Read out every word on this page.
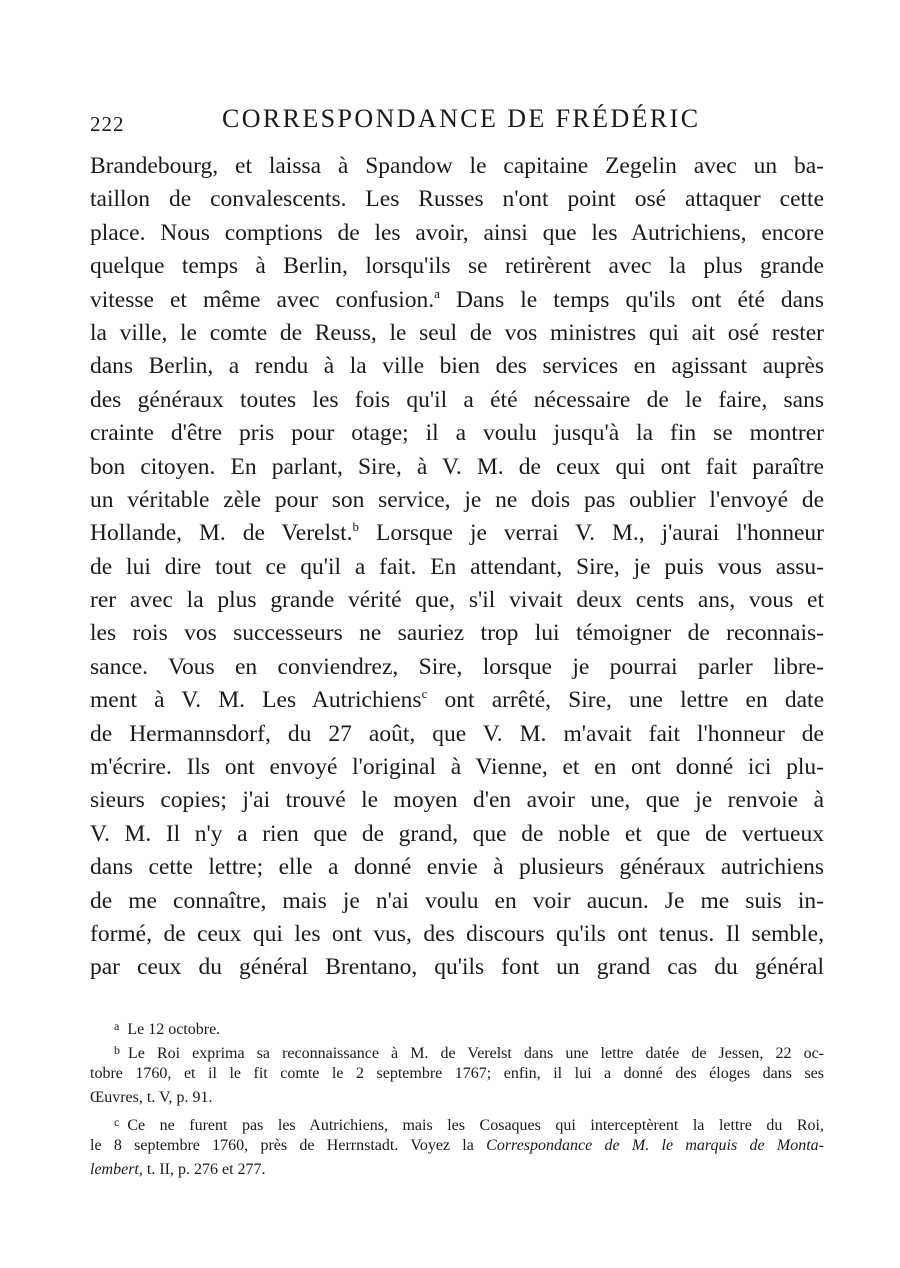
222	CORRESPONDANCE DE FRÉDÉRIC
Brandebourg, et laissa à Spandow le capitaine Zegelin avec un ba-
taillon de convalescents. Les Russes n'ont point osé attaquer cette
place. Nous comptions de les avoir, ainsi que les Autrichiens, encore
quelque temps à Berlin, lorsqu'ils se retirèrent avec la plus grande
vitesse et même avec confusion.$^a$ Dans le temps qu'ils ont été dans
la ville, le comte de Reuss, le seul de vos ministres qui ait osé rester
dans Berlin, a rendu à la ville bien des services en agissant auprès
des généraux toutes les fois qu'il a été nécessaire de le faire, sans
crainte d'être pris pour otage; il a voulu jusqu'à la fin se montrer
bon citoyen. En parlant, Sire, à V. M. de ceux qui ont fait paraître
un véritable zèle pour son service, je ne dois pas oublier l'envoyé de
Hollande, M. de Verelst.$^b$ Lorsque je verrai V. M., j'aurai l'honneur
de lui dire tout ce qu'il a fait. En attendant, Sire, je puis vous assu-
rer avec la plus grande vérité que, s'il vivait deux cents ans, vous et
les rois vos successeurs ne sauriez trop lui témoigner de reconnais-
sance. Vous en conviendrez, Sire, lorsque je pourrai parler libre-
ment à V. M. Les Autrichiens$^c$ ont arrêté, Sire, une lettre en date
de Hermannsdorf, du 27 août, que V. M. m'avait fait l'honneur de
m'écrire. Ils ont envoyé l'original à Vienne, et en ont donné ici plu-
sieurs copies; j'ai trouvé le moyen d'en avoir une, que je renvoie à
V. M. Il n'y a rien que de grand, que de noble et que de vertueux
dans cette lettre; elle a donné envie à plusieurs généraux autrichiens
de me connaître, mais je n'ai voulu en voir aucun. Je me suis in-
formé, de ceux qui les ont vus, des discours qu'ils ont tenus. Il semble,
par ceux du général Brentano, qu'ils font un grand cas du général
$^a$ Le 12 octobre.
$^b$ Le Roi exprima sa reconnaissance à M. de Verelst dans une lettre datée de Jessen, 22 oc-
tobre 1760, et il le fit comte le 2 septembre 1767; enfin, il lui a donné des éloges dans ses
Œuvres, t. V, p. 91.
$^c$ Ce ne furent pas les Autrichiens, mais les Cosaques qui interceptèrent la lettre du Roi,
le 8 septembre 1760, près de Herrnstadt. Voyez la Correspondance de M. le marquis de Monta-
lembert, t. II, p. 276 et 277.
